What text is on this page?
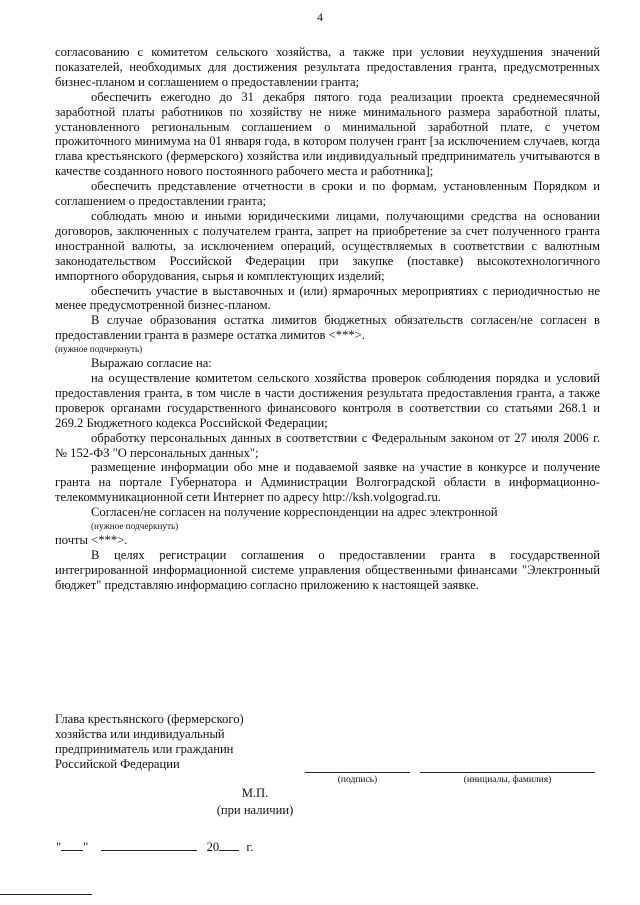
4

согласованию с комитетом сельского хозяйства, а также при условии неухудшения значений показателей, необходимых для достижения результата предоставления гранта, предусмотренных бизнес-планом и соглашением о предоставлении гранта;

обеспечить ежегодно до 31 декабря пятого года реализации проекта среднемесячной заработной платы работников по хозяйству не ниже минимального размера заработной платы, установленного региональным соглашением о минимальной заработной плате, с учетом прожиточного минимума на 01 января года, в котором получен грант [за исключением случаев, когда глава крестьянского (фермерского) хозяйства или индивидуальный предприниматель учитываются в качестве созданного нового постоянного рабочего места и работника];

обеспечить представление отчетности в сроки и по формам, установленным Порядком и соглашением о предоставлении гранта;

соблюдать мною и иными юридическими лицами, получающими средства на основании договоров, заключенных с получателем гранта, запрет на приобретение за счет полученного гранта иностранной валюты, за исключением операций, осуществляемых в соответствии с валютным законодательством Российской Федерации при закупке (поставке) высокотехнологичного импортного оборудования, сырья и комплектующих изделий;

обеспечить участие в выставочных и (или) ярмарочных мероприятиях с периодичностью не менее предусмотренной бизнес-планом.

В случае образования остатка лимитов бюджетных обязательств согласен/не согласен в предоставлении гранта в размере остатка лимитов <***>.

(нужное подчеркнуть)

Выражаю согласие на:

на осуществление комитетом сельского хозяйства проверок соблюдения порядка и условий предоставления гранта, в том числе в части достижения результата предоставления гранта, а также проверок органами государственного финансового контроля в соответствии со статьями 268.1 и 269.2 Бюджетного кодекса Российской Федерации;

обработку персональных данных в соответствии с Федеральным законом от 27 июля 2006 г. № 152-ФЗ "О персональных данных";

размещение информации обо мне и подаваемой заявке на участие в конкурсе и получение гранта на портале Губернатора и Администрации Волгоградской области в информационно-телекоммуникационной сети Интернет по адресу http://ksh.volgograd.ru.

Согласен/не согласен на получение корреспонденции на адрес электронной

(нужное подчеркнуть)

почты <***>.

В целях регистрации соглашения о предоставлении гранта в государственной интегрированной информационной системе управления общественными финансами "Электронный бюджет" представляю информацию согласно приложению к настоящей заявке.

Глава крестьянского (фермерского)
хозяйства или индивидуальный
предприниматель или гражданин
Российской Федерации
(подпись)	(инициалы, фамилия)
М.П.
(при наличии)
" "	20 г.
